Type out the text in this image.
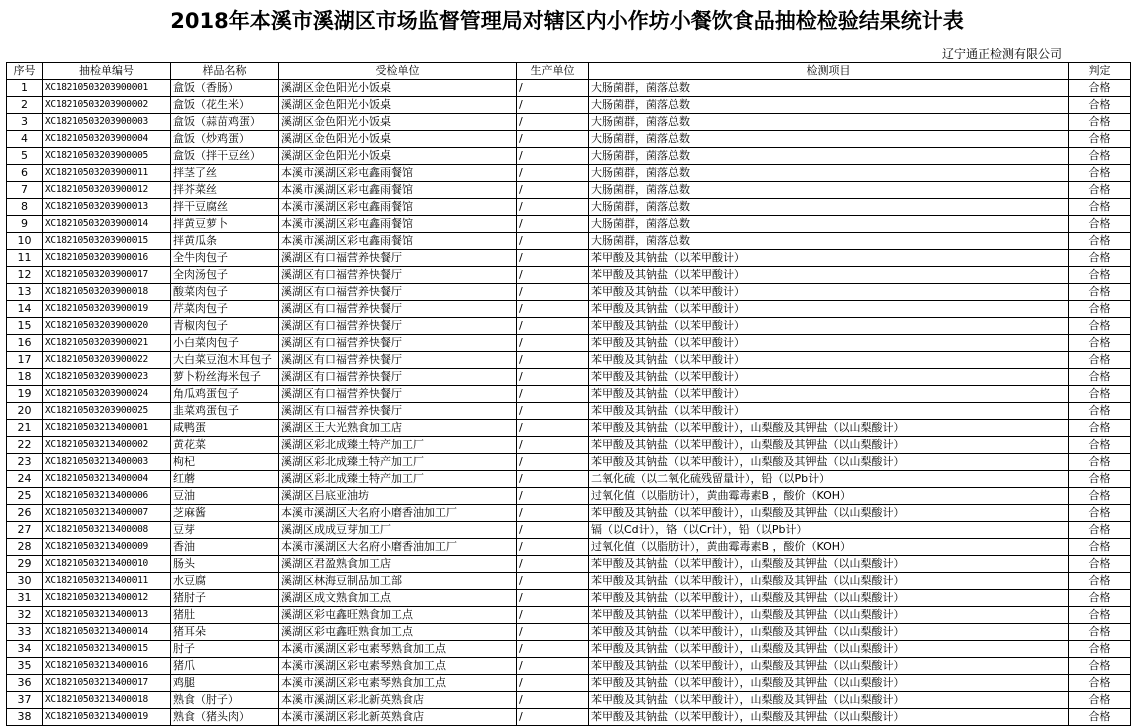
2018年本溪市溪湖区市场监督管理局对辖区内小作坊小餐饮食品抽检检验结果统计表
辽宁通正检测有限公司
序号	抽检单编号	样品名称	受检单位	生产单位	检测项目	判定
1	XC18210503203900001	盒饭（香肠）	溪湖区金色阳光小饭桌	/	大肠菌群，菌落总数	合格
2	XC18210503203900002	盒饭（花生米）	溪湖区金色阳光小饭桌	/	大肠菌群，菌落总数	合格
3	XC18210503203900003	盒饭（蒜苗鸡蛋）	溪湖区金色阳光小饭桌	/	大肠菌群，菌落总数	合格
4	XC18210503203900004	盒饭（炒鸡蛋）	溪湖区金色阳光小饭桌	/	大肠菌群，菌落总数	合格
5	XC18210503203900005	盒饭（拌干豆丝）	溪湖区金色阳光小饭桌	/	大肠菌群，菌落总数	合格
6	XC18210503203900011	拌茎了丝	本溪市溪湖区彩屯鑫雨餐馆	/	大肠菌群，菌落总数	合格
7	XC18210503203900012	拌芥菜丝	本溪市溪湖区彩屯鑫雨餐馆	/	大肠菌群，菌落总数	合格
8	XC18210503203900013	拌干豆腐丝	本溪市溪湖区彩屯鑫雨餐馆	/	大肠菌群，菌落总数	合格
9	XC18210503203900014	拌黄豆萝卜	本溪市溪湖区彩屯鑫雨餐馆	/	大肠菌群，菌落总数	合格
10	XC18210503203900015	拌黄瓜条	本溪市溪湖区彩屯鑫雨餐馆	/	大肠菌群，菌落总数	合格
11	XC18210503203900016	全牛肉包子	溪湖区有口福营养快餐厅	/	苯甲酸及其钠盐（以苯甲酸计）	合格
12	XC18210503203900017	全肉汤包子	溪湖区有口福营养快餐厅	/	苯甲酸及其钠盐（以苯甲酸计）	合格
13	XC18210503203900018	酸菜肉包子	溪湖区有口福营养快餐厅	/	苯甲酸及其钠盐（以苯甲酸计）	合格
14	XC18210503203900019	芹菜肉包子	溪湖区有口福营养快餐厅	/	苯甲酸及其钠盐（以苯甲酸计）	合格
15	XC18210503203900020	青椒肉包子	溪湖区有口福营养快餐厅	/	苯甲酸及其钠盐（以苯甲酸计）	合格
16	XC18210503203900021	小白菜肉包子	溪湖区有口福营养快餐厅	/	苯甲酸及其钠盐（以苯甲酸计）	合格
17	XC18210503203900022	大白菜豆泡木耳包子	溪湖区有口福营养快餐厅	/	苯甲酸及其钠盐（以苯甲酸计）	合格
18	XC18210503203900023	萝卜粉丝海米包子	溪湖区有口福营养快餐厅	/	苯甲酸及其钠盐（以苯甲酸计）	合格
19	XC18210503203900024	角瓜鸡蛋包子	溪湖区有口福营养快餐厅	/	苯甲酸及其钠盐（以苯甲酸计）	合格
20	XC18210503203900025	韭菜鸡蛋包子	溪湖区有口福营养快餐厅	/	苯甲酸及其钠盐（以苯甲酸计）	合格
21	XC18210503213400001	咸鸭蛋	溪湖区王大光熟食加工店	/	苯甲酸及其钠盐（以苯甲酸计），山梨酸及其钾盐（以山梨酸计）	合格
22	XC18210503213400002	黄花菜	溪湖区彩北成臻土特产加工厂	/	苯甲酸及其钠盐（以苯甲酸计），山梨酸及其钾盐（以山梨酸计）	合格
23	XC18210503213400003	枸杞	溪湖区彩北成臻土特产加工厂	/	苯甲酸及其钠盐（以苯甲酸计），山梨酸及其钾盐（以山梨酸计）	合格
24	XC18210503213400004	红蘑	溪湖区彩北成臻土特产加工厂	/	二氧化硫（以二氧化硫残留量计），铅（以Pb计）	合格
25	XC18210503213400006	豆油	溪湖区吕底亚油坊	/	过氧化值（以脂肪计），黄曲霉毒素B ，酸价（KOH）	合格
26	XC18210503213400007	芝麻酱	本溪市溪湖区大名府小磨香油加工厂	/	苯甲酸及其钠盐（以苯甲酸计），山梨酸及其钾盐（以山梨酸计）	合格
27	XC18210503213400008	豆芽	溪湖区成成豆芽加工厂	/	镉（以Cd计），铬（以Cr计），铅（以Pb计）	合格
28	XC18210503213400009	香油	本溪市溪湖区大名府小磨香油加工厂	/	过氧化值（以脂肪计），黄曲霉毒素B ，酸价（KOH）	合格
29	XC18210503213400010	肠头	溪湖区君盈熟食加工店	/	苯甲酸及其钠盐（以苯甲酸计），山梨酸及其钾盐（以山梨酸计）	合格
30	XC18210503213400011	水豆腐	溪湖区林海豆制品加工部	/	苯甲酸及其钠盐（以苯甲酸计），山梨酸及其钾盐（以山梨酸计）	合格
31	XC18210503213400012	猪肘子	溪湖区成文熟食加工点	/	苯甲酸及其钠盐（以苯甲酸计），山梨酸及其钾盐（以山梨酸计）	合格
32	XC18210503213400013	猪肚	溪湖区彩屯鑫旺熟食加工点	/	苯甲酸及其钠盐（以苯甲酸计），山梨酸及其钾盐（以山梨酸计）	合格
33	XC18210503213400014	猪耳朵	溪湖区彩屯鑫旺熟食加工点	/	苯甲酸及其钠盐（以苯甲酸计），山梨酸及其钾盐（以山梨酸计）	合格
34	XC18210503213400015	肘子	本溪市溪湖区彩屯素琴熟食加工点	/	苯甲酸及其钠盐（以苯甲酸计），山梨酸及其钾盐（以山梨酸计）	合格
35	XC18210503213400016	猪爪	本溪市溪湖区彩屯素琴熟食加工点	/	苯甲酸及其钠盐（以苯甲酸计），山梨酸及其钾盐（以山梨酸计）	合格
36	XC18210503213400017	鸡腿	本溪市溪湖区彩屯素琴熟食加工点	/	苯甲酸及其钠盐（以苯甲酸计），山梨酸及其钾盐（以山梨酸计）	合格
37	XC18210503213400018	熟食（肘子）	本溪市溪湖区彩北新英熟食店	/	苯甲酸及其钠盐（以苯甲酸计），山梨酸及其钾盐（以山梨酸计）	合格
38	XC18210503213400019	熟食（猪头肉）	本溪市溪湖区彩北新英熟食店	/	苯甲酸及其钠盐（以苯甲酸计），山梨酸及其钾盐（以山梨酸计）	合格
